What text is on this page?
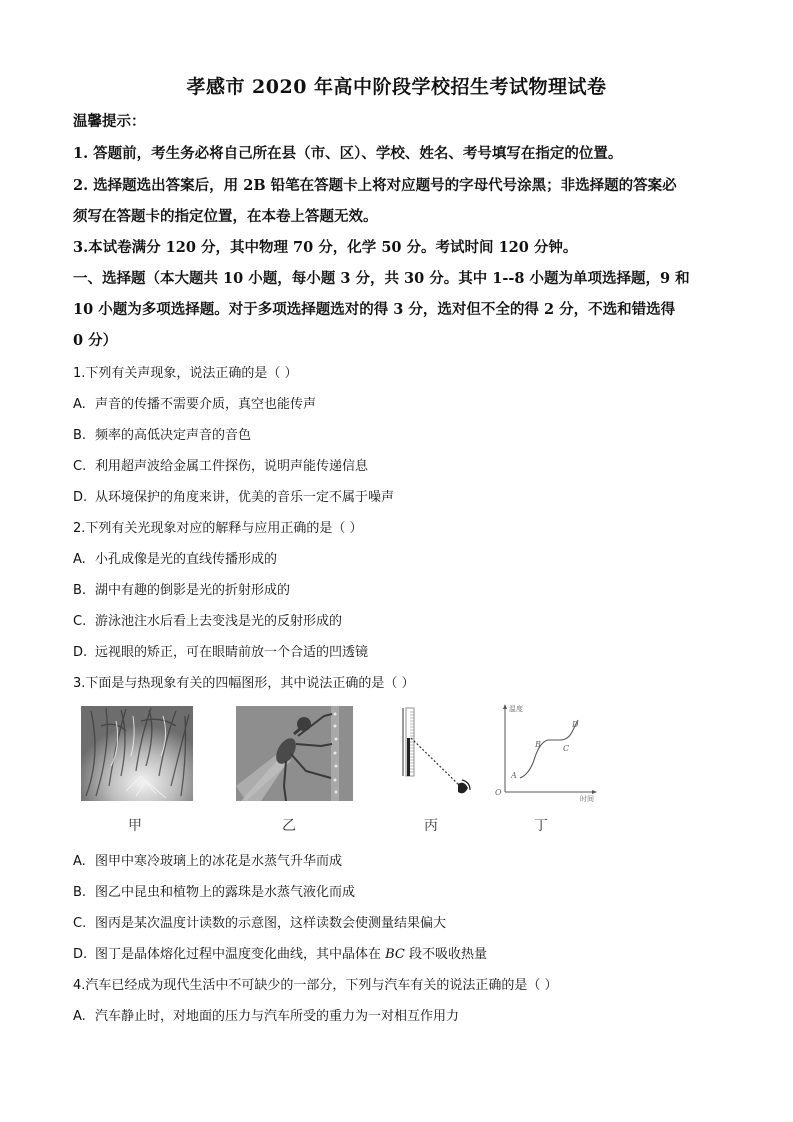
孝感市 2020 年高中阶段学校招生考试物理试卷
温馨提示：
1. 答题前，考生务必将自己所在县（市、区）、学校、姓名、考号填写在指定的位置。
2. 选择题选出答案后，用 2B 铅笔在答题卡上将对应题号的字母代号涂黑；非选择题的答案必
须写在答题卡的指定位置，在本卷上答题无效。
3.本试卷满分 120 分，其中物理 70 分，化学 50 分。考试时间 120 分钟。
一、选择题（本大题共 10 小题，每小题 3 分，共 30 分。其中 1--8 小题为单项选择题，9 和
10 小题为多项选择题。对于多项选择题选对的得 3 分，选对但不全的得 2 分，不选和错选得
0 分）
1.下列有关声现象，说法正确的是（ ）
A. 声音的传播不需要介质，真空也能传声
B. 频率的高低决定声音的音色
C. 利用超声波给金属工件探伤，说明声能传递信息
D. 从环境保护的角度来讲，优美的音乐一定不属于噪声
2.下列有关光现象对应的解释与应用正确的是（ ）
A. 小孔成像是光的直线传播形成的
B. 湖中有趣的倒影是光的折射形成的
C. 游泳池注水后看上去变浅是光的反射形成的
D. 远视眼的矫正，可在眼睛前放一个合适的凹透镜
3.下面是与热现象有关的四幅图形，其中说法正确的是（ ）
温度
时间
O
A
B	C
D
甲	乙	丙	丁
A. 图甲中寒冷玻璃上的冰花是水蒸气升华而成
B. 图乙中昆虫和植物上的露珠是水蒸气液化而成
C. 图丙是某次温度计读数的示意图，这样读数会使测量结果偏大
D. 图丁是晶体熔化过程中温度变化曲线，其中晶体在 BC 段不吸收热量
4.汽车已经成为现代生活中不可缺少的一部分，下列与汽车有关的说法正确的是（ ）
A. 汽车静止时，对地面的压力与汽车所受的重力为一对相互作用力
